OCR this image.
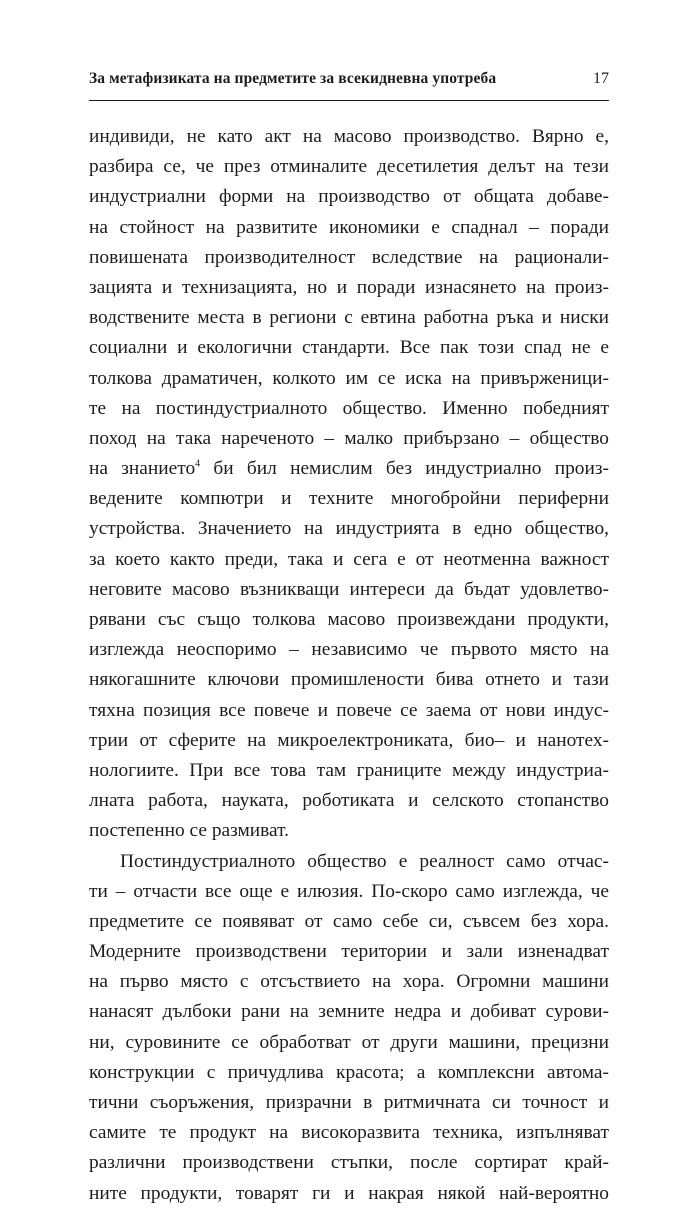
За метафизиката на предметите за всекидневна употреба	17
индивиди, не като акт на масово производство. Вярно е,
разбира се, че през отминалите десетилетия делът на тези
индустриални форми на производство от общата добаве-
на стойност на развитите икономики е спаднал – поради
повишената производителност вследствие на рационали-
зацията и технизацията, но и поради изнасянето на произ-
водствените места в региони с евтина работна ръка и ниски
социални и екологични стандарти. Все пак този спад не е
толкова драматичен, колкото им се иска на привърженици-
те на постиндустриалното общество. Именно победният
поход на така нареченото – малко прибързано – общество
на знанието$^4$ би бил немислим без индустриално произ-
ведените компютри и техните многобройни периферни
устройства. Значението на индустрията в едно общество,
за което както преди, така и сега е от неотменна важност
неговите масово възникващи интереси да бъдат удовлетво-
рявани със също толкова масово произвеждани продукти,
изглежда неоспоримо – независимо че първото място на
някогашните ключови промишлености бива отнето и тази
тяхна позиция все повече и повече се заема от нови индус-
трии от сферите на микроелектрониката, био– и нанотех-
нологиите. При все това там границите между индустриа-
лната работа, науката, роботиката и селското стопанство
постепенно се размиват.
Постиндустриалното общество е реалност само отчас-
ти – отчасти все още е илюзия. По-скоро само изглежда, че
предметите се появяват от само себе си, съвсем без хора.
Модерните производствени територии и зали изненадват
на първо място с отсъствието на хора. Огромни машини
нанасят дълбоки рани на земните недра и добиват сурови-
ни, суровините се обработват от други машини, прецизни
конструкции с причудлива красота; а комплексни автома-
тични съоръжения, призрачни в ритмичната си точност и
самите те продукт на високоразвита техника, изпълняват
различни производствени стъпки, после сортират край-
ните продукти, товарят ги и накрая някой най-вероятно
